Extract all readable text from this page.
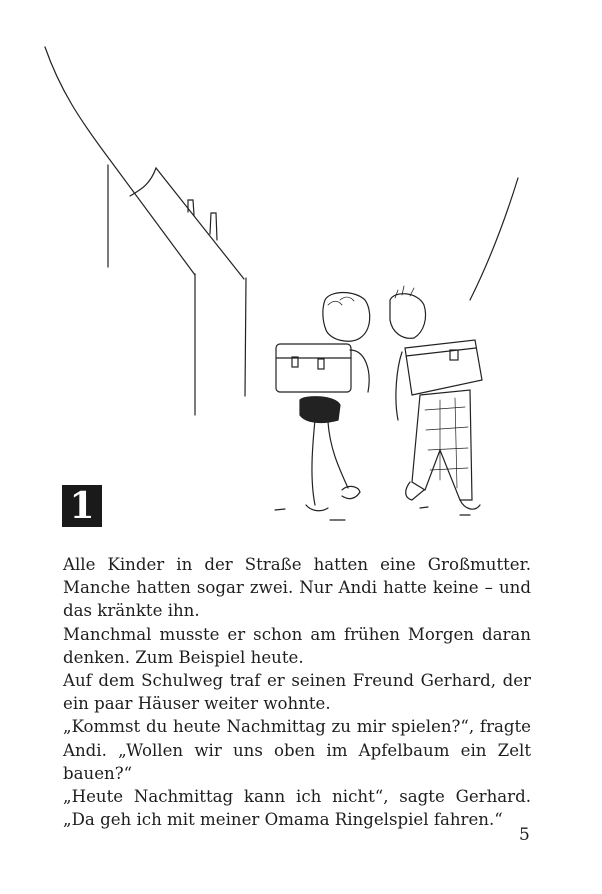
1

Alle Kinder in der Straße hatten eine Großmutter. Manche hatten sogar zwei. Nur Andi hatte keine – und das kränkte ihn.

Manchmal musste er schon am frühen Morgen daran denken. Zum Beispiel heute.

Auf dem Schulweg traf er seinen Freund Gerhard, der ein paar Häuser weiter wohnte.

„Kommst du heute Nachmittag zu mir spielen?“, fragte Andi. „Wollen wir uns oben im Apfelbaum ein Zelt bauen?“

„Heute Nachmittag kann ich nicht“, sagte Gerhard. „Da geh ich mit meiner Omama Ringelspiel fahren.“

5
